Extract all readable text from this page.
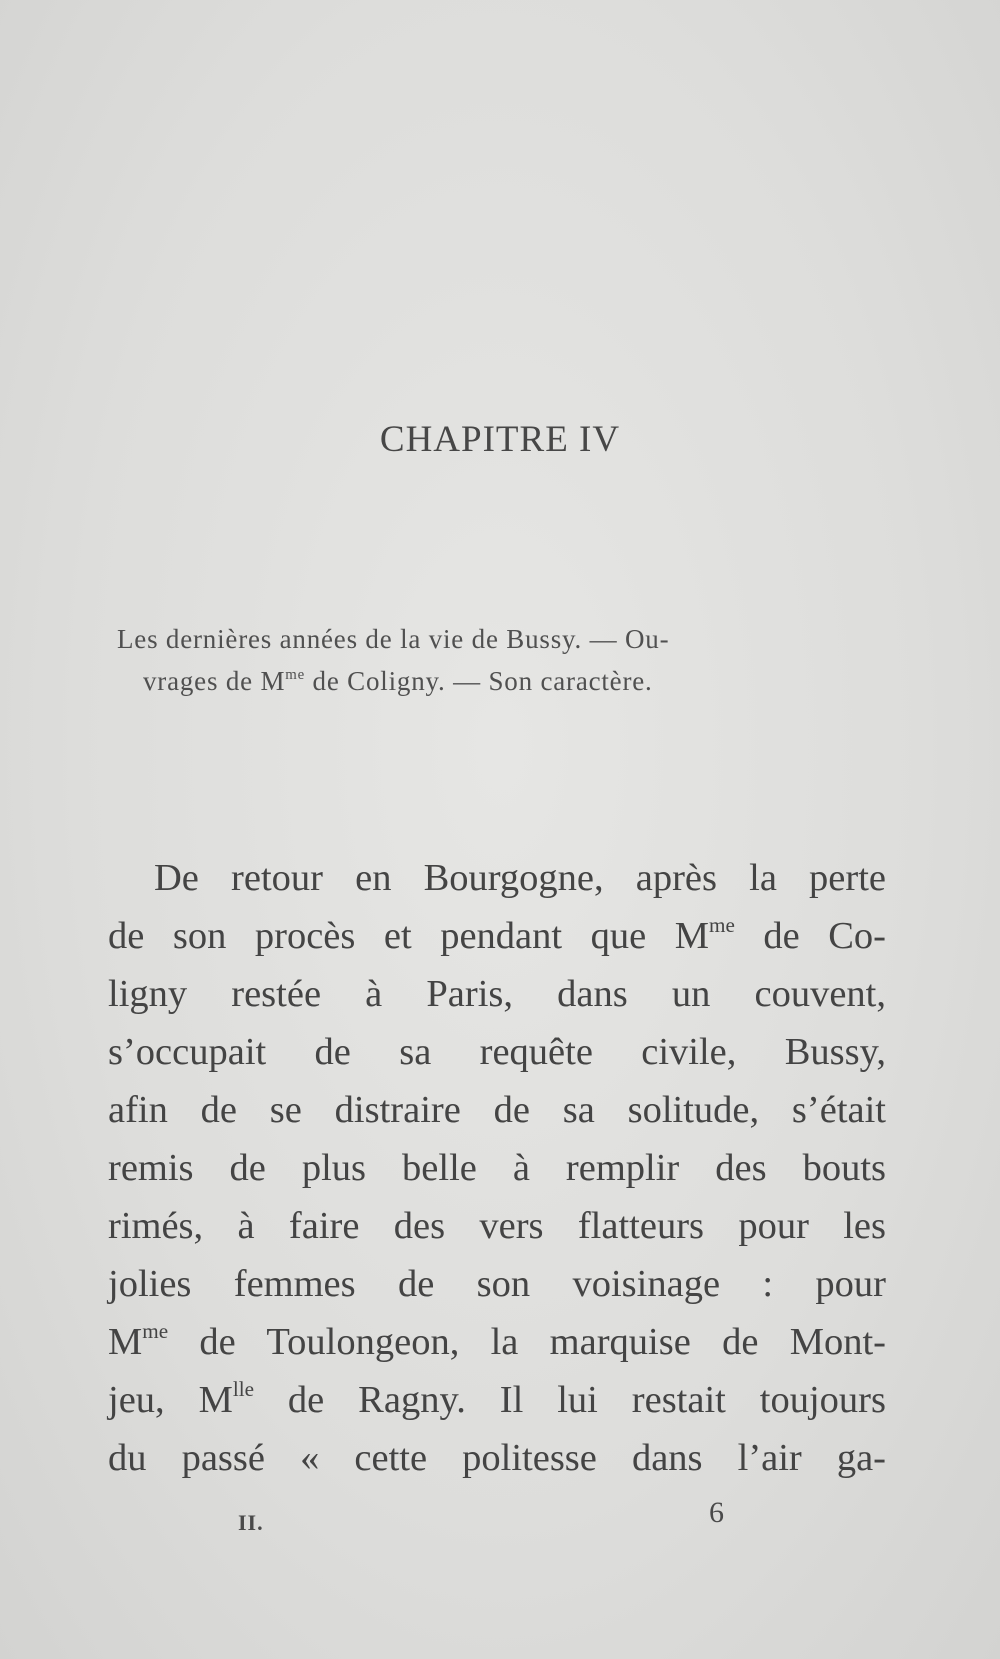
CHAPITRE IV

Les dernières années de la vie de Bussy. — Ou-
vrages de $M^{me}$ de Coligny. — Son caractère.

De retour en Bourgogne, après la perte
de son procès et pendant que $M^{me}$ de Co-
ligny restée à Paris, dans un couvent,
s’occupait de sa requête civile, Bussy,
afin de se distraire de sa solitude, s’était
remis de plus belle à remplir des bouts
rimés, à faire des vers flatteurs pour les
jolies femmes de son voisinage : pour
$M^{me}$ de Toulongeon, la marquise de Mont-
jeu, $M^{lle}$ de Ragny. Il lui restait toujours
du passé « cette politesse dans l’air ga-

II.	6
